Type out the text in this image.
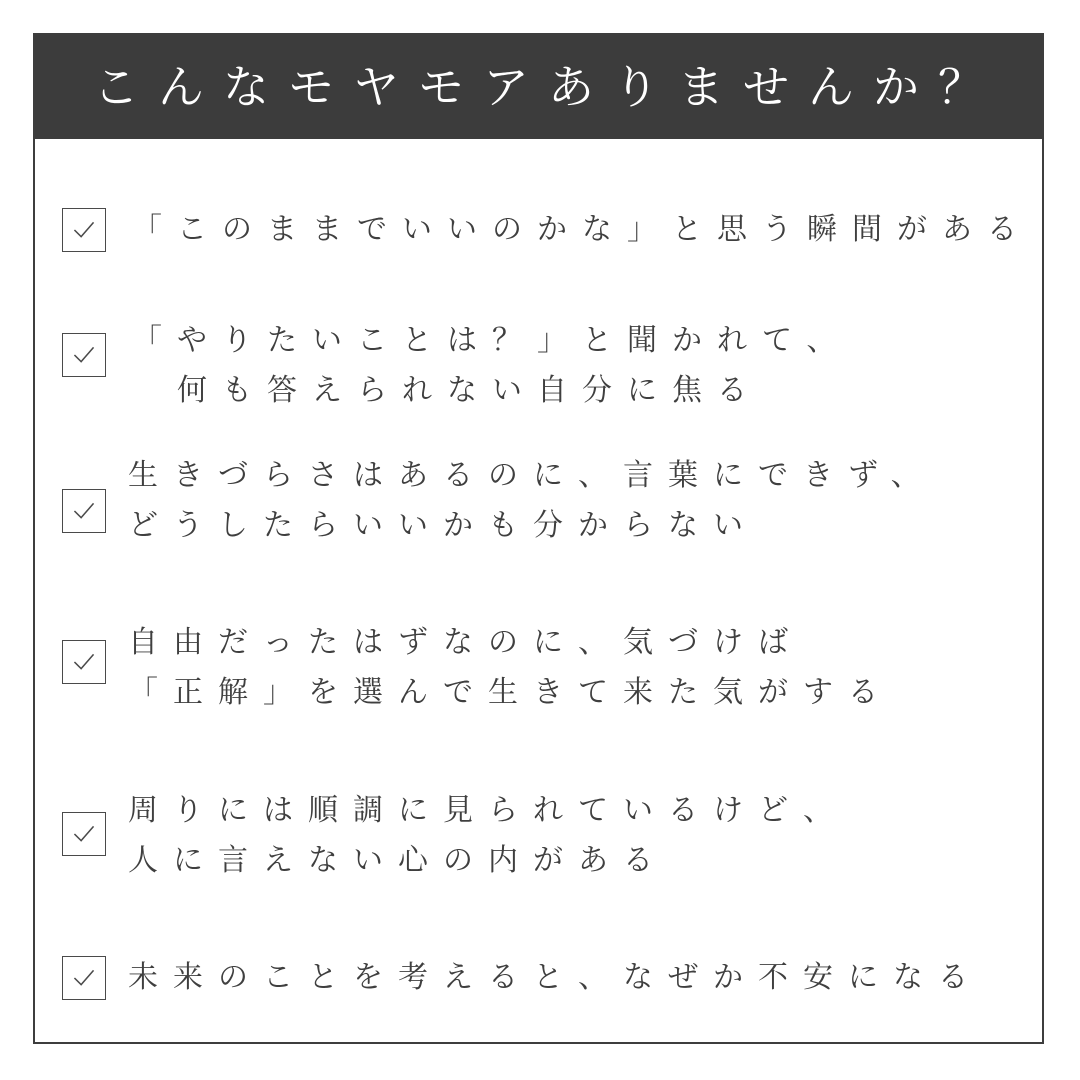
こんなモヤモアありませんか？
「このままでいいのかな」と思う瞬間がある
「やりたいことは？」と聞かれて、
　何も答えられない自分に焦る
生きづらさはあるのに、言葉にできず、
どうしたらいいかも分からない
自由だったはずなのに、気づけば
「正解」を選んで生きて来た気がする
周りには順調に見られているけど、
人に言えない心の内がある
未来のことを考えると、なぜか不安になる
